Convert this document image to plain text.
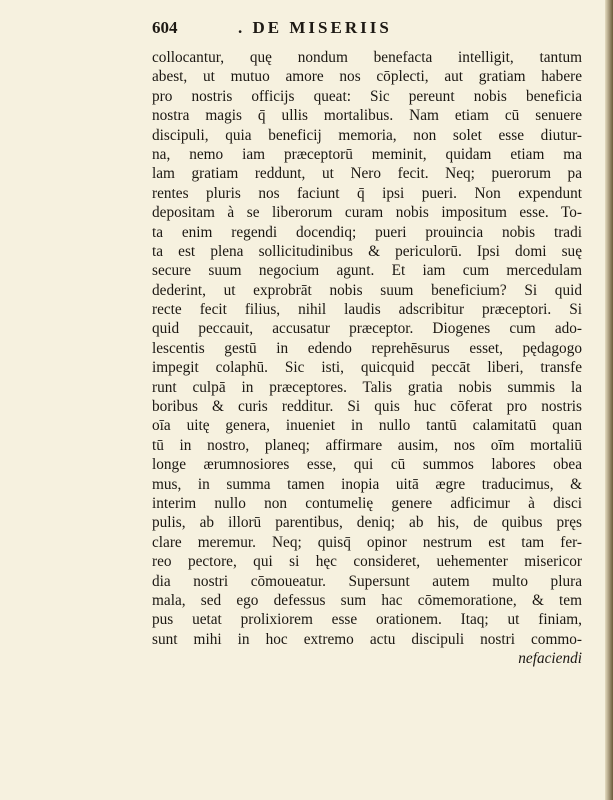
604	. DE MISERIIS
collocantur, quę nondum benefacta intelligit, tantum
abest, ut mutuo amore nos cōplecti, aut gratiam habere
pro nostris officijs queat: Sic pereunt nobis beneficia
nostra magis q̄ ullis mortalibus. Nam etiam cū senuere
discipuli, quia beneficij memoria, non solet esse diutur-
na, nemo iam præceptorū meminit, quidam etiam ma
lam gratiam reddunt, ut Nero fecit. Neq; puerorum pa
rentes pluris nos faciunt q̄ ipsi pueri. Non expendunt
depositam à se liberorum curam nobis impositum esse. To-
ta enim regendi docendiq; pueri prouincia nobis tradi
ta est plena sollicitudinibus & periculorū. Ipsi domi suę
secure suum negocium agunt. Et iam cum mercedulam
dederint, ut exprobrāt nobis suum beneficium? Si quid
recte fecit filius, nihil laudis adscribitur præceptori. Si
quid peccauit, accusatur præceptor. Diogenes cum ado-
lescentis gestū in edendo reprehēsurus esset, pędagogo
impegit colaphū. Sic isti, quicquid peccāt liberi, transfe
runt culpā in præceptores. Talis gratia nobis summis la
boribus & curis redditur. Si quis huc cōferat pro nostris
oīa uitę genera, inueniet in nullo tantū calamitatū quan
tū in nostro, planeq; affirmare ausim, nos oīm mortaliū
longe ærumnosiores esse, qui cū summos labores obea
mus, in summa tamen inopia uitā ægre traducimus, &
interim nullo non contumelię genere adficimur à disci
pulis, ab illorū parentibus, deniq; ab his, de quibus pręs
clare meremur. Neq; quisq̄ opinor nestrum est tam fer-
reo pectore, qui si hęc consideret, uehementer misericor
dia nostri cōmoueatur. Supersunt autem multo plura
mala, sed ego defessus sum hac cōmemoratione, & tem
pus uetat prolixiorem esse orationem. Itaq; ut finiam,
sunt mihi in hoc extremo actu discipuli nostri commo-
nefaciendi
